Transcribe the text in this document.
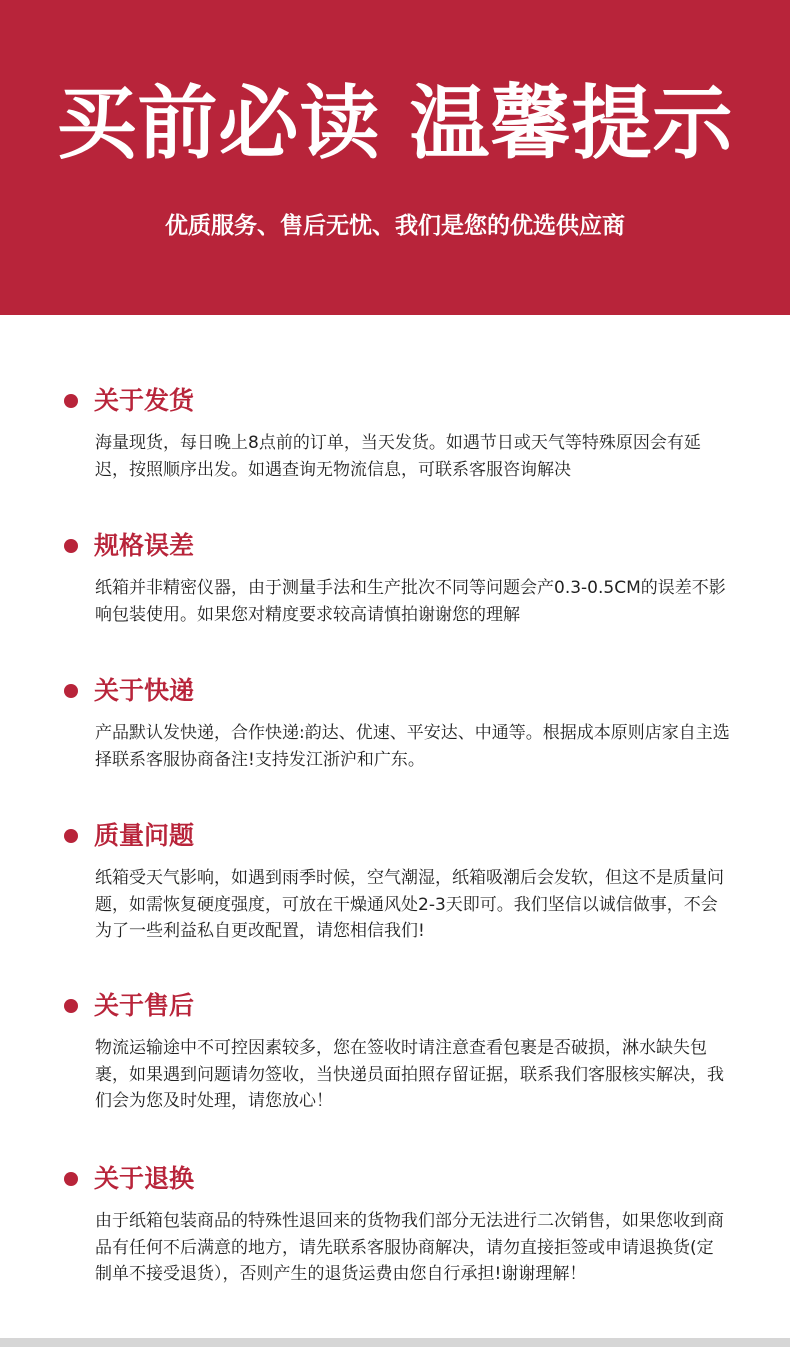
买前必读 温馨提示
优质服务、售后无忧、我们是您的优选供应商
关于发货
海量现货，每日晚上8点前的订单，当天发货。如遇节日或天气等特殊原因会有延迟，按照顺序出发。如遇查询无物流信息，可联系客服咨询解决
规格误差
纸箱并非精密仪器，由于测量手法和生产批次不同等问题会产0.3-0.5CM的误差不影响包装使用。如果您对精度要求较高请慎拍谢谢您的理解
关于快递
产品默认发快递，合作快递:韵达、优速、平安达、中通等。根据成本原则店家自主选择联系客服协商备注!支持发江浙沪和广东。
质量问题
纸箱受天气影响，如遇到雨季时候，空气潮湿，纸箱吸潮后会发软，但这不是质量问题，如需恢复硬度强度，可放在干燥通风处2-3天即可。我们坚信以诚信做事，不会为了一些利益私自更改配置，请您相信我们!
关于售后
物流运输途中不可控因素较多，您在签收时请注意查看包裹是否破损，淋水缺失包裹，如果遇到问题请勿签收，当快递员面拍照存留证据，联系我们客服核实解决，我们会为您及时处理，请您放心！
关于退换
由于纸箱包装商品的特殊性退回来的货物我们部分无法进行二次销售，如果您收到商品有任何不后满意的地方，请先联系客服协商解决，请勿直接拒签或申请退换货(定制单不接受退货），否则产生的退货运费由您自行承担!谢谢理解！
